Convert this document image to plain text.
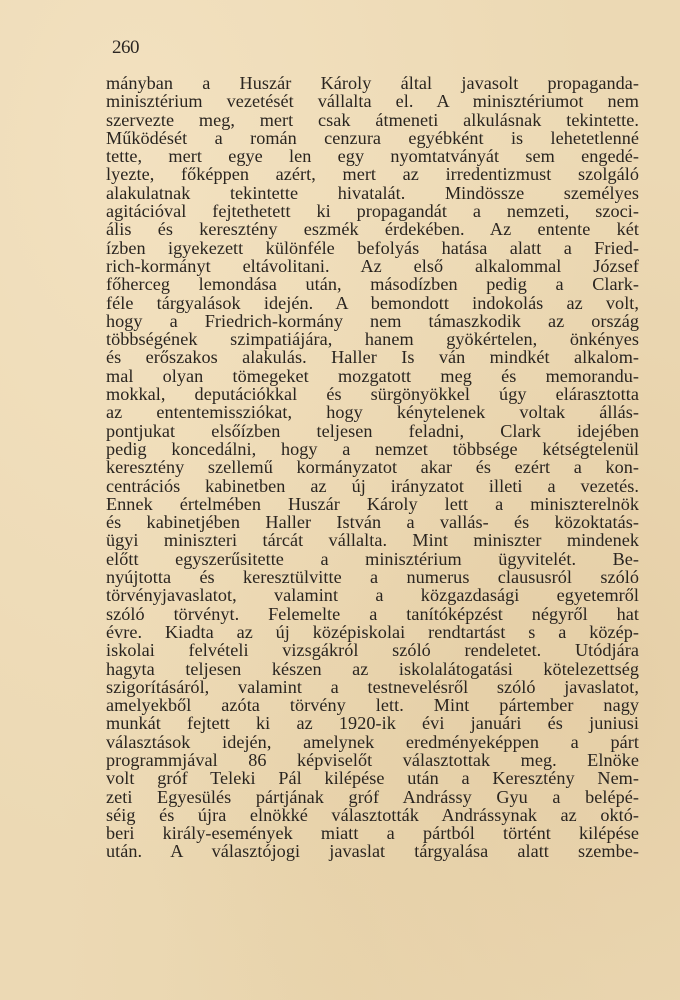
260
mányban a Huszár Károly által javasolt propaganda-
minisztérium vezetését vállalta el. A minisztériumot nem
szervezte meg, mert csak átmeneti alkulásnak tekintette.
Működését a román cenzura egyébként is lehetetlenné
tette, mert egye len egy nyomtatványát sem engedé-
lyezte, főképpen azért, mert az irredentizmust szolgáló
alakulatnak tekintette hivatalát. Mindössze személyes
agitációval fejtethetett ki propagandát a nemzeti, szoci-
ális és keresztény eszmék érdekében. Az entente két
ízben igyekezett különféle befolyás hatása alatt a Fried-
rich-kormányt eltávolitani. Az első alkalommal József
főherceg lemondása után, másodízben pedig a Clark-
féle tárgyalások idején. A bemondott indokolás az volt,
hogy a Friedrich-kormány nem támaszkodik az ország
többségének szimpatiájára, hanem gyökértelen, önkényes
és erőszakos alakulás. Haller Is ván mindkét alkalom-
mal olyan tömegeket mozgatott meg és memorandu-
mokkal, deputációkkal és sürgönyökkel úgy elárasztotta
az ententemissziókat, hogy kénytelenek voltak állás-
pontjukat elsőízben teljesen feladni, Clark idejében
pedig koncedálni, hogy a nemzet többsége kétségtelenül
keresztény szellemű kormányzatot akar és ezért a kon-
centrációs kabinetben az új irányzatot illeti a vezetés.
Ennek értelmében Huszár Károly lett a miniszterelnök
és kabinetjében Haller István a vallás- és közoktatás-
ügyi miniszteri tárcát vállalta. Mint miniszter mindenek
előtt egyszerűsitette a minisztérium ügyvitelét. Be-
nyújtotta és keresztülvitte a numerus claususról szóló
törvényjavaslatot, valamint a közgazdasági egyetemről
szóló törvényt. Felemelte a tanítóképzést négyről hat
évre. Kiadta az új középiskolai rendtartást s a közép-
iskolai felvételi vizsgákról szóló rendeletet. Utódjára
hagyta teljesen készen az iskolalátogatási kötelezettség
szigorításáról, valamint a testnevelésről szóló javaslatot,
amelyekből azóta törvény lett. Mint pártember nagy
munkát fejtett ki az 1920-ik évi januári és juniusi
választások idején, amelynek eredményeképpen a párt
programmjával 86 képviselőt választottak meg. Elnöke
volt gróf Teleki Pál kilépése után a Keresztény Nem-
zeti Egyesülés pártjának gróf Andrássy Gyu a belépé-
séig és újra elnökké választották Andrássynak az októ-
beri király-események miatt a pártból történt kilépése
után. A választójogi javaslat tárgyalása alatt szembe-
